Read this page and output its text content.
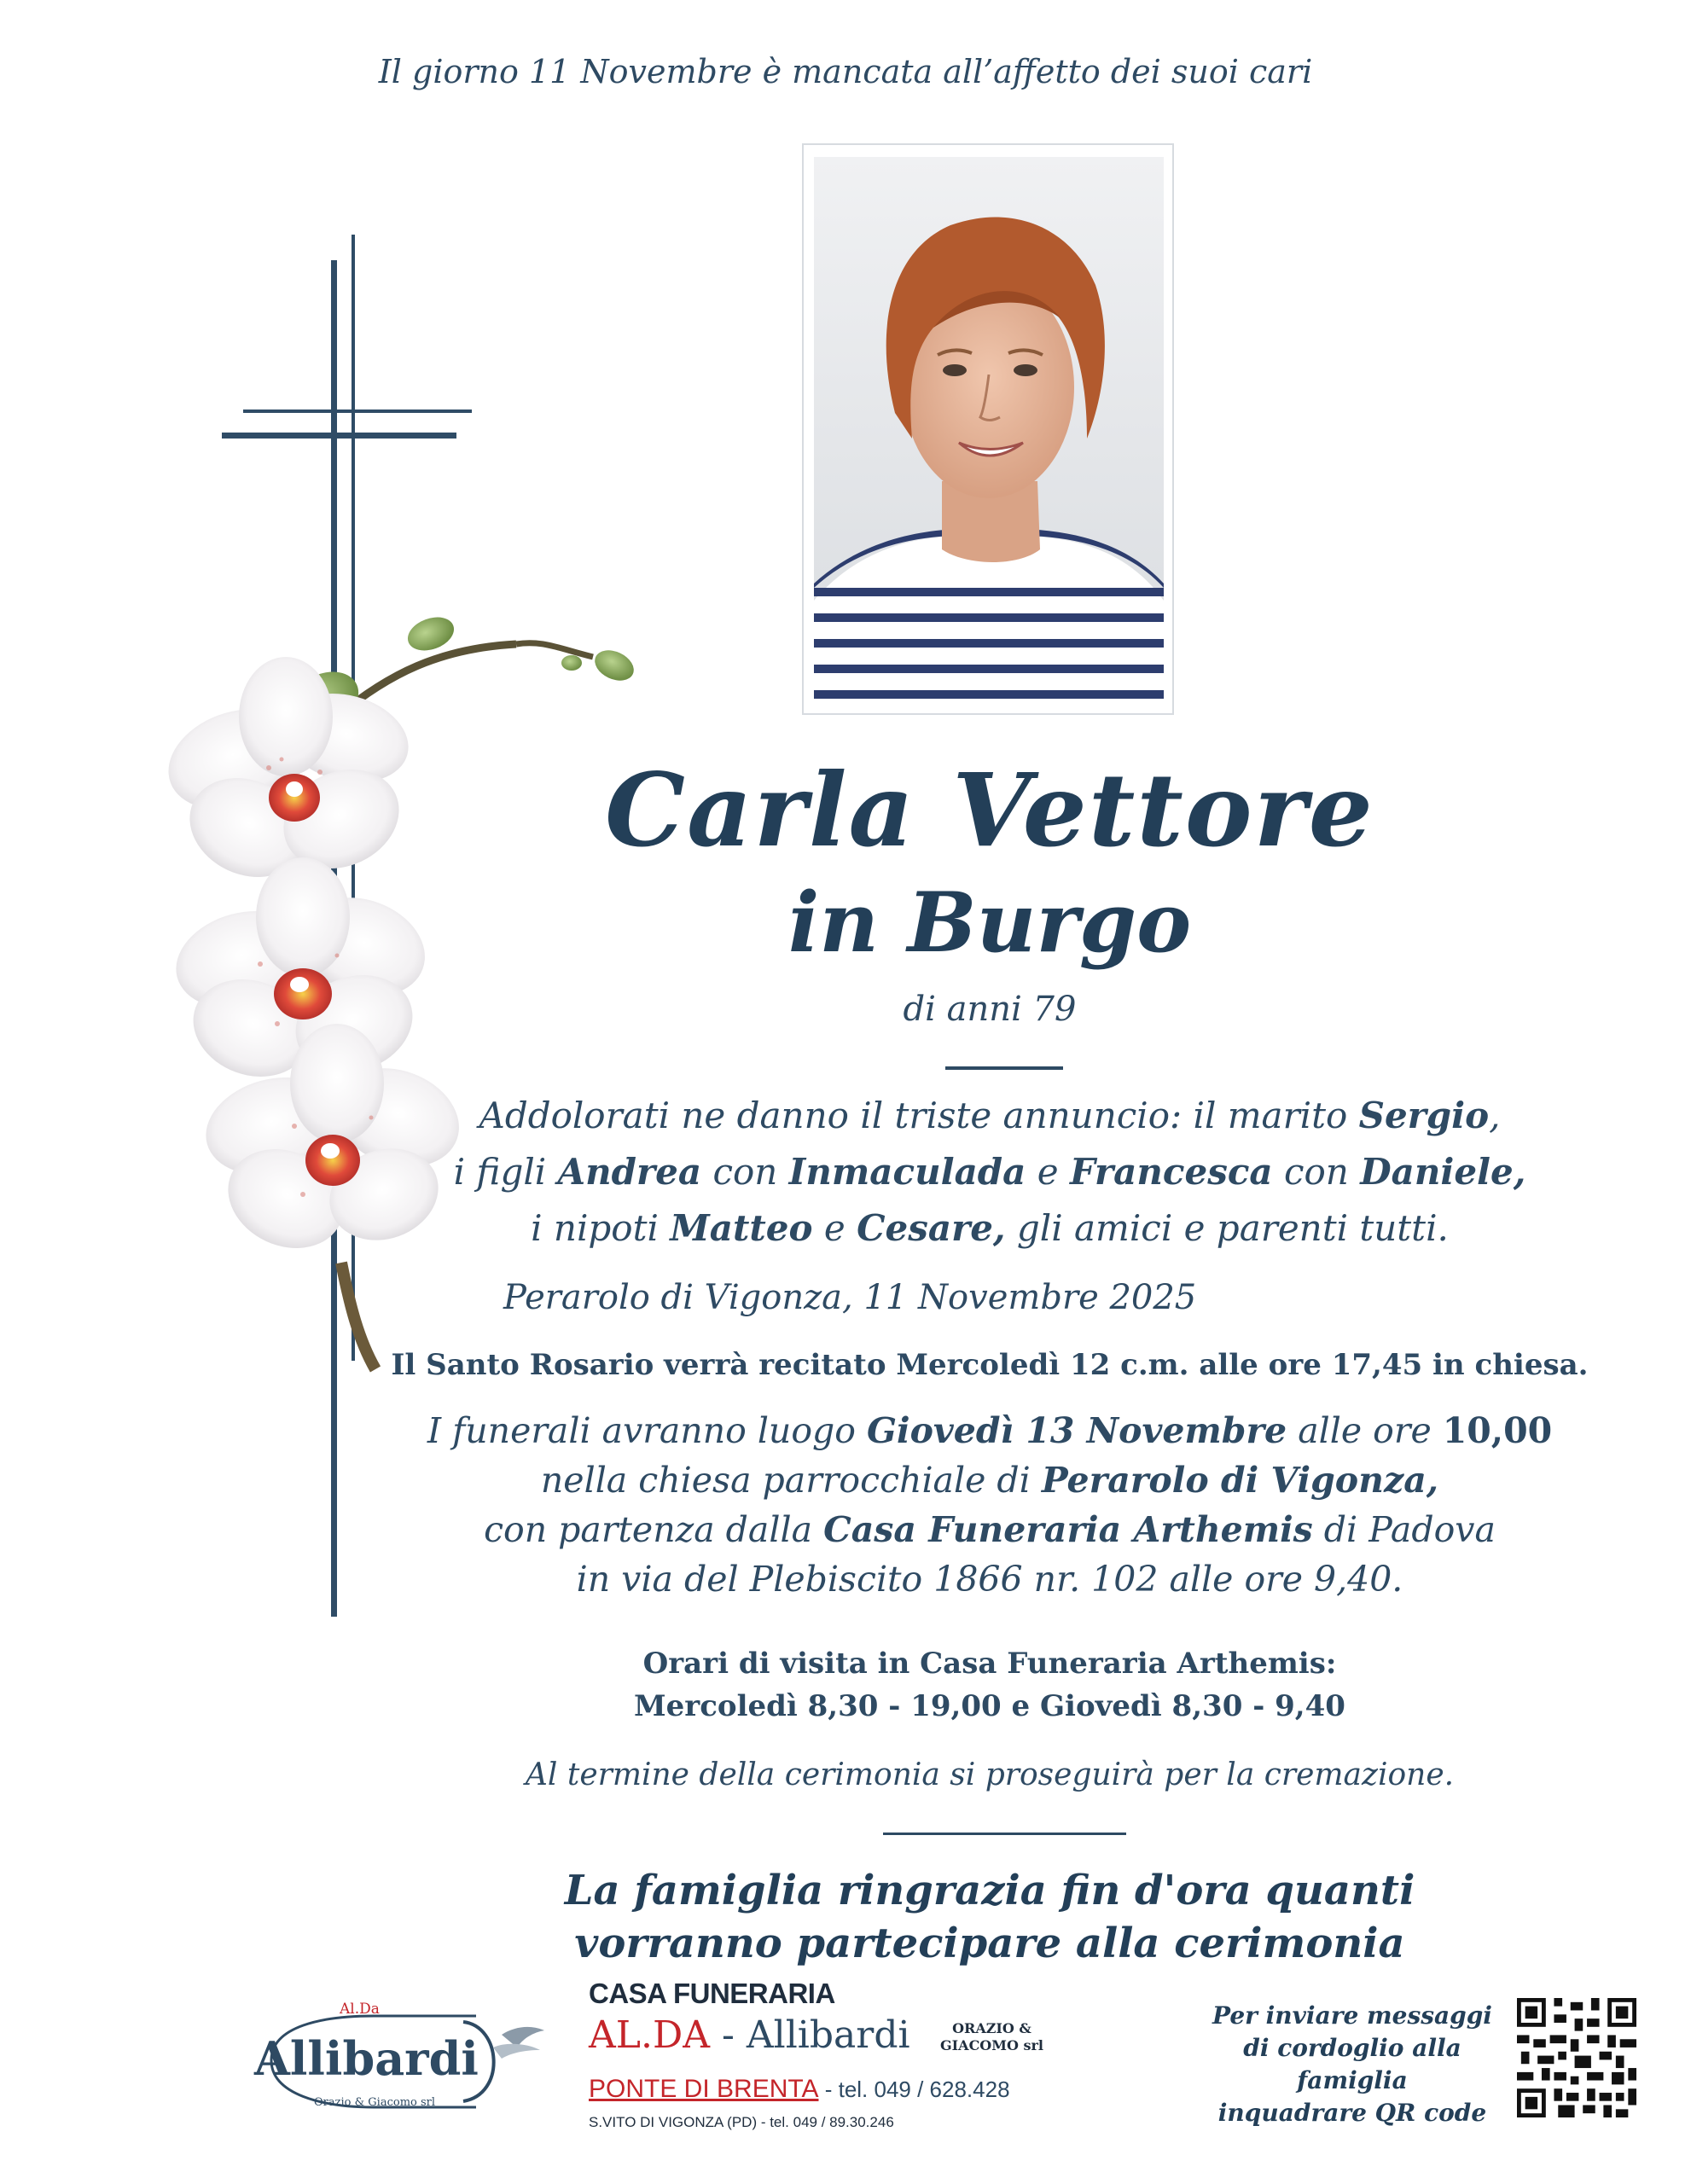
Il giorno 11 Novembre è mancata all’affetto dei suoi cari
Carla Vettore
in Burgo
di anni 79
Addolorati ne danno il triste annuncio: il marito Sergio,
i figli Andrea con Inmaculada e Francesca con Daniele,
i nipoti Matteo e Cesare, gli amici e parenti tutti.
Perarolo di Vigonza, 11 Novembre 2025
Il Santo Rosario verrà recitato Mercoledì 12 c.m. alle ore 17,45 in chiesa.
I funerali avranno luogo Giovedì 13 Novembre alle ore 10,00
nella chiesa parrocchiale di Perarolo di Vigonza,
con partenza dalla Casa Funeraria Arthemis di Padova
in via del Plebiscito 1866 nr. 102 alle ore 9,40.
Orari di visita in Casa Funeraria Arthemis:
Mercoledì 8,30 - 19,00 e Giovedì 8,30 - 9,40
Al termine della cerimonia si proseguirà per la cremazione.
La famiglia ringrazia fin d'ora quanti
vorranno partecipare alla cerimonia
Al.Da
Allibardi
Orazio & Giacomo srl
CASA FUNERARIA
AL.DA - Allibardi	ORAZIO &
GIACOMO srl
PONTE DI BRENTA - tel. 049 / 628.428
S.VITO DI VIGONZA (PD) - tel. 049 / 89.30.246
Per inviare messaggi
di cordoglio alla famiglia
inquadrare QR code
